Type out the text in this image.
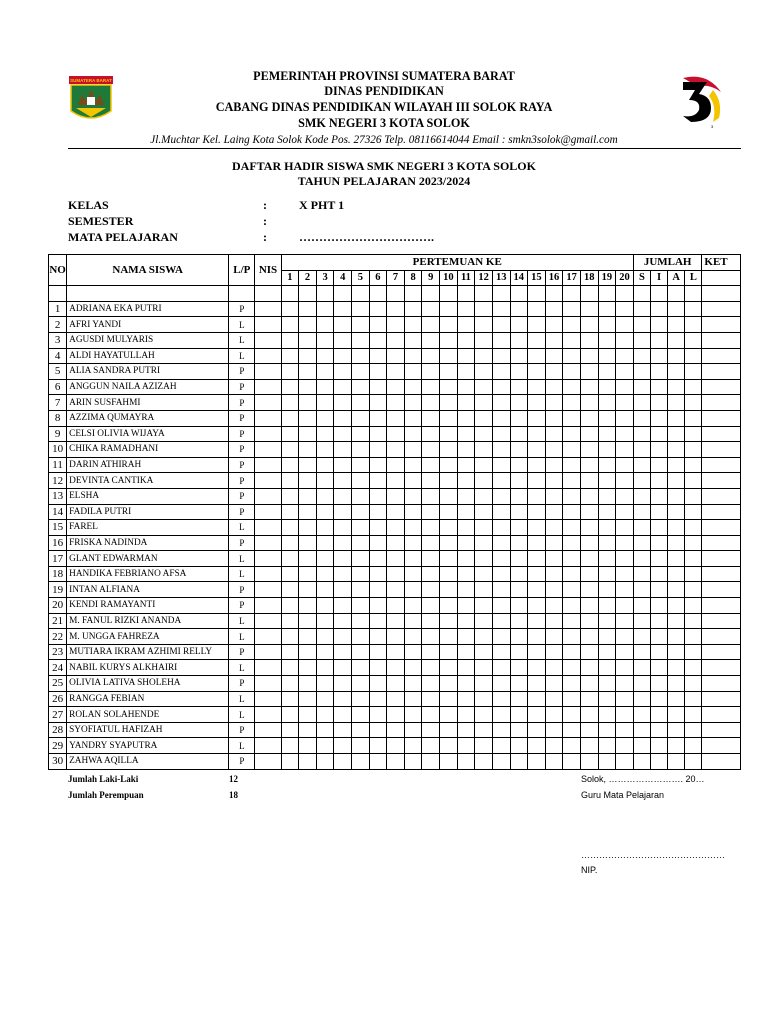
SUMATERA BARAT	PEMERINTAH PROVINSI SUMATERA BARAT
DINAS PENDIDIKAN
CABANG DINAS PENDIDIKAN WILAYAH III SOLOK RAYA
SMK NEGERI 3 KOTA SOLOK	3
Jl.Muchtar Kel. Laing Kota Solok Kode Pos. 27326 Telp. 08116614044 Email : smkn3solok@gmail.com
DAFTAR HADIR SISWA SMK NEGERI 3 KOTA SOLOK
TAHUN PELAJARAN 2023/2024
KELAS	:	X PHT 1
SEMESTER	:
MATA PELAJARAN	:	…………………………….
NO	NAMA SISWA	L/P	NIS	PERTEMUAN KE																				JUMLAH				KET
				1	2	3	4	5	6	7	8	9	10	11	12	13	14	15	16	17	18	19	20	S	I	A	L	

1	ADRIANA EKA PUTRI	P																										
2	AFRI YANDI	L																										
3	AGUSDI MULYARIS	L																										
4	ALDI HAYATULLAH	L																										
5	ALIA SANDRA PUTRI	P																										
6	ANGGUN NAILA AZIZAH	P																										
7	ARIN SUSFAHMI	P																										
8	AZZIMA QUMAYRA	P																										
9	CELSI OLIVIA WIJAYA	P																										
10	CHIKA RAMADHANI	P																										
11	DARIN ATHIRAH	P																										
12	DEVINTA CANTIKA	P																										
13	ELSHA	P																										
14	FADILA PUTRI	P																										
15	FAREL	L																										
16	FRISKA NADINDA	P																										
17	GLANT EDWARMAN	L																										
18	HANDIKA FEBRIANO AFSA	L																										
19	INTAN ALFIANA	P																										
20	KENDI RAMAYANTI	P																										
21	M. FANUL RIZKI ANANDA	L																										
22	M. UNGGA FAHREZA	L																										
23	MUTIARA IKRAM AZHIMI RELLY	P																										
24	NABIL KURYS ALKHAIRI	L																										
25	OLIVIA LATIVA SHOLEHA	P																										
26	RANGGA FEBIAN	L																										
27	ROLAN SOLAHENDE	L																										
28	SYOFIATUL HAFIZAH	P																										
29	YANDRY SYAPUTRA	L																										
30	ZAHWA AQILLA	P																										
Jumlah Laki-Laki	12
Jumlah Perempuan	18
Solok, ……………………. 20…
Guru Mata Pelajaran
…………………………………………
NIP.
